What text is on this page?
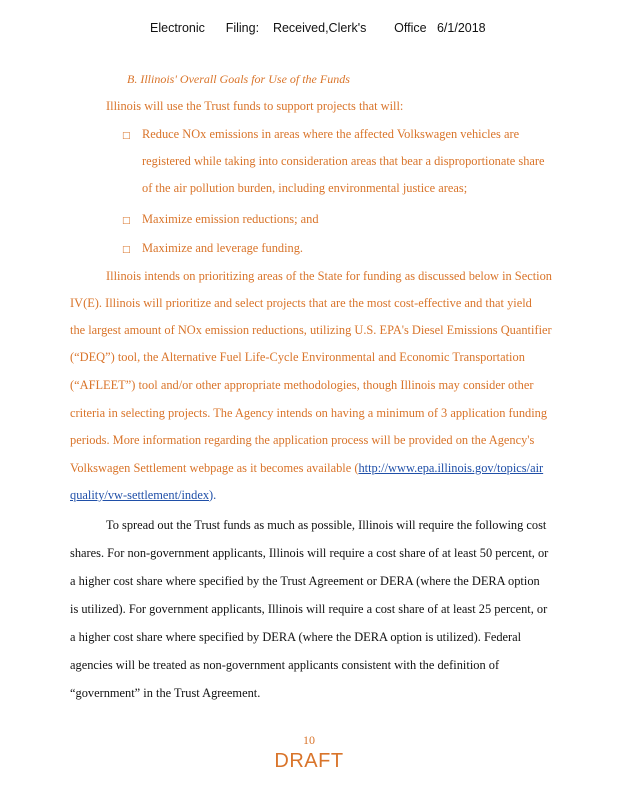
Electronic      Filing:    Received,Clerk's        Office   6/1/2018
B. Illinois' Overall Goals for Use of the Funds
Illinois will use the Trust funds to support projects that will:
□ Reduce NOx emissions in areas where the affected Volkswagen vehicles are
registered while taking into consideration areas that bear a disproportionate share
of the air pollution burden, including environmental justice areas;
□ Maximize emission reductions; and
□ Maximize and leverage funding.
Illinois intends on prioritizing areas of the State for funding as discussed below in Section
IV(E). Illinois will prioritize and select projects that are the most cost-effective and that yield
the largest amount of NOx emission reductions, utilizing U.S. EPA's Diesel Emissions Quantifier
(“DEQ”) tool, the Alternative Fuel Life-Cycle Environmental and Economic Transportation
(“AFLEET”) tool and/or other appropriate methodologies, though Illinois may consider other
criteria in selecting projects. The Agency intends on having a minimum of 3 application funding
periods. More information regarding the application process will be provided on the Agency's
Volkswagen Settlement webpage as it becomes available (http://www.epa.illinois.gov/topics/air
quality/vw-settlement/index).
To spread out the Trust funds as much as possible, Illinois will require the following cost
shares. For non-government applicants, Illinois will require a cost share of at least 50 percent, or
a higher cost share where specified by the Trust Agreement or DERA (where the DERA option
is utilized). For government applicants, Illinois will require a cost share of at least 25 percent, or
a higher cost share where specified by DERA (where the DERA option is utilized). Federal
agencies will be treated as non-government applicants consistent with the definition of
“government” in the Trust Agreement.
10
DRAFT
